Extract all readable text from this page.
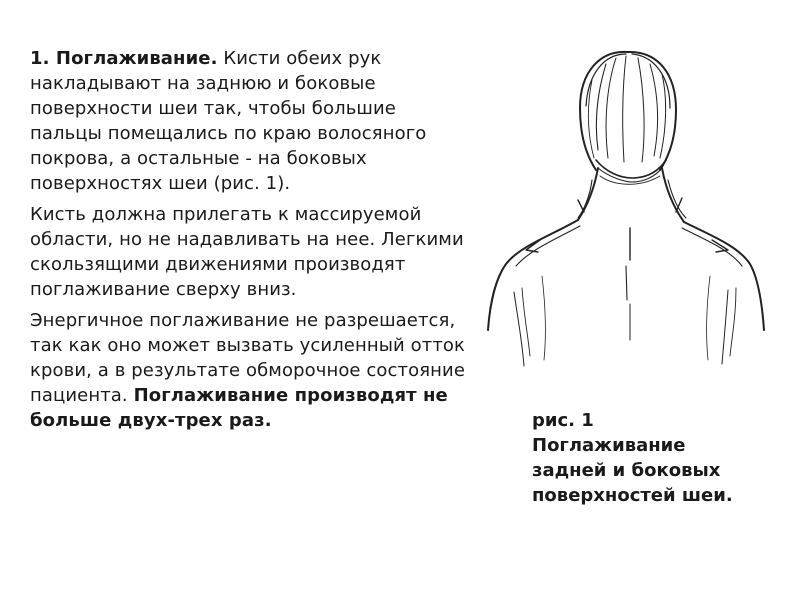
1. Поглаживание. Кисти обеих рук накладывают на заднюю и боковые поверхности шеи так, чтобы большие пальцы помещались по краю волосяного покрова, а остальные - на боковых поверхностях шеи (рис. 1).

Кисть должна прилегать к массируемой области, но не надавливать на нее. Легкими скользящими движениями производят поглаживание сверху вниз.

Энергичное поглаживание не разрешается, так как оно может вызвать усиленный отток крови, а в результате обморочное состояние пациента. Поглаживание производят не больше двух-трех раз.	рис. 1
Поглаживание
задней и боковых
поверхностей шеи.
